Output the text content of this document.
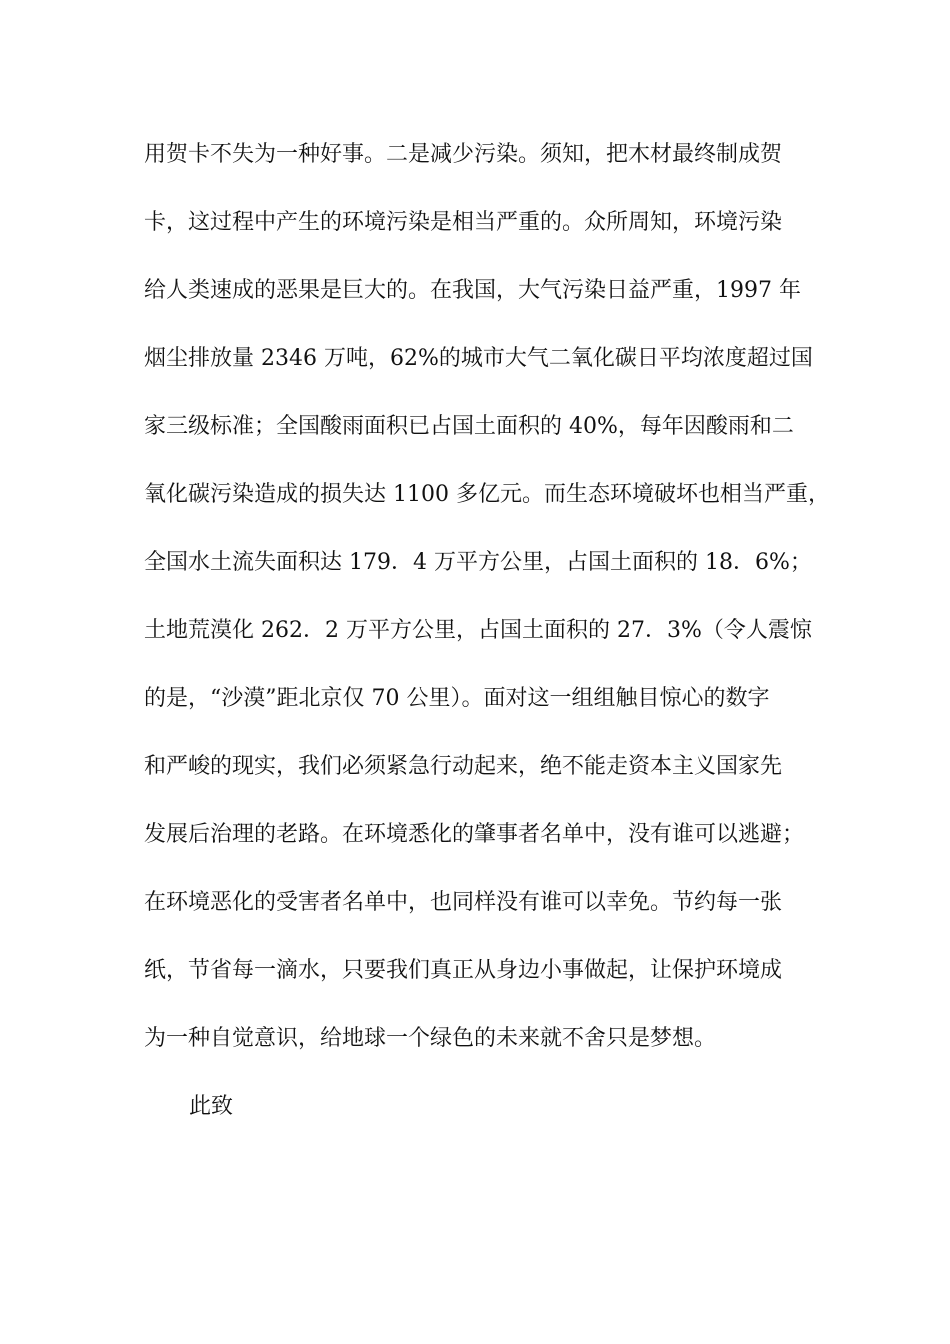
用贺卡不失为一种好事。二是减少污染。须知，把木材最终制成贺
卡，这过程中产生的环境污染是相当严重的。众所周知，环境污染
给人类速成的恶果是巨大的。在我国，大气污染日益严重，1997 年
烟尘排放量 2346 万吨，62%的城市大气二氧化碳日平均浓度超过国
家三级标准；全国酸雨面积已占国土面积的 40%，每年因酸雨和二
氧化碳污染造成的损失达 1100 多亿元。而生态环境破坏也相当严重，
全国水土流失面积达 179．4 万平方公里，占国土面积的 18．6%；
土地荒漠化 262．2 万平方公里，占国土面积的 27．3%（令人震惊
的是，“沙漠”距北京仅 70 公里）。面对这一组组触目惊心的数字
和严峻的现实，我们必须紧急行动起来，绝不能走资本主义国家先
发展后治理的老路。在环境悉化的肇事者名单中，没有谁可以逃避；
在环境恶化的受害者名单中，也同样没有谁可以幸免。节约每一张
纸，节省每一滴水，只要我们真正从身边小事做起，让保护环境成
为一种自觉意识，给地球一个绿色的未来就不舍只是梦想。
此致
